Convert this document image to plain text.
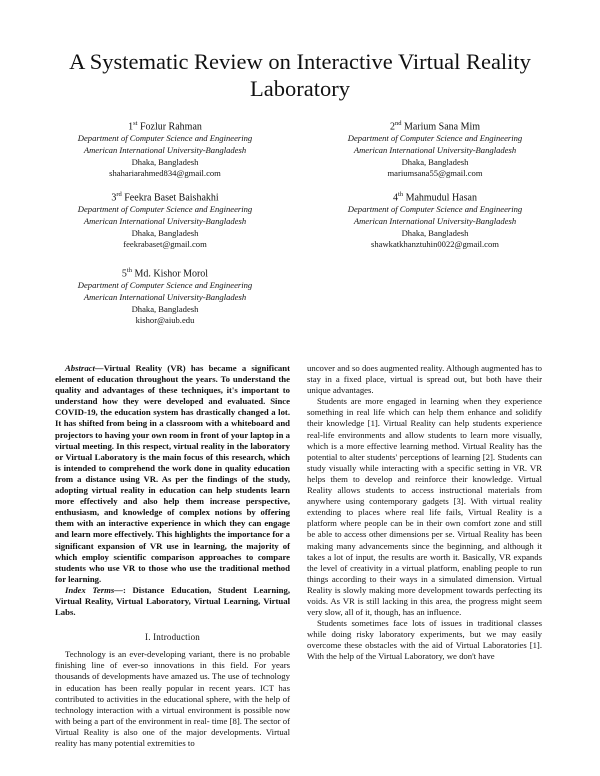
A Systematic Review on Interactive Virtual Reality Laboratory
1st Fozlur Rahman
Department of Computer Science and Engineering
American International University-Bangladesh
Dhaka, Bangladesh
shahariarahmed834@gmail.com
2nd Marium Sana Mim
Department of Computer Science and Engineering
American International University-Bangladesh
Dhaka, Bangladesh
mariumsana55@gmail.com
3rd Feekra Baset Baishakhi
Department of Computer Science and Engineering
American International University-Bangladesh
Dhaka, Bangladesh
feekrabaset@gmail.com
4th Mahmudul Hasan
Department of Computer Science and Engineering
American International University-Bangladesh
Dhaka, Bangladesh
shawkatkhanztuhin0022@gmail.com
5th Md. Kishor Morol
Department of Computer Science and Engineering
American International University-Bangladesh
Dhaka, Bangladesh
kishor@aiub.edu

Abstract—Virtual Reality (VR) has became a significant element of education throughout the years. To understand the quality and advantages of these techniques, it's important to understand how they were developed and evaluated. Since COVID-19, the education system has drastically changed a lot. It has shifted from being in a classroom with a whiteboard and projectors to having your own room in front of your laptop in a virtual meeting. In this respect, virtual reality in the laboratory or Virtual Laboratory is the main focus of this research, which is intended to comprehend the work done in quality education from a distance using VR. As per the findings of the study, adopting virtual reality in education can help students learn more effectively and also help them increase perspective, enthusiasm, and knowledge of complex notions by offering them with an interactive experience in which they can engage and learn more effectively. This highlights the importance for a significant expansion of VR use in learning, the majority of which employ scientific comparison approaches to compare students who use VR to those who use the traditional method for learning.

Index Terms—: Distance Education, Student Learning, Virtual Reality, Virtual Laboratory, Virtual Learning, Virtual Labs.

I. Introduction

Technology is an ever-developing variant, there is no probable finishing line of ever-so innovations in this field. For years thousands of developments have amazed us. The use of technology in education has been really popular in recent years. ICT has contributed to activities in the educational sphere, with the help of technology interaction with a virtual environment is possible now with being a part of the environment in real- time [8]. The sector of Virtual Reality is also one of the major developments. Virtual reality has many potential extremities to

uncover and so does augmented reality. Although augmented has to stay in a fixed place, virtual is spread out, but both have their unique advantages.

Students are more engaged in learning when they experience something in real life which can help them enhance and solidify their knowledge [1]. Virtual Reality can help students experience real-life environments and allow students to learn more visually, which is a more effective learning method. Virtual Reality has the potential to alter students' perceptions of learning [2]. Students can study visually while interacting with a specific setting in VR. VR helps them to develop and reinforce their knowledge. Virtual Reality allows students to access instructional materials from anywhere using contemporary gadgets [3]. With virtual reality extending to places where real life fails, Virtual Reality is a platform where people can be in their own comfort zone and still be able to access other dimensions per se. Virtual Reality has been making many advancements since the beginning, and although it takes a lot of input, the results are worth it. Basically, VR expands the level of creativity in a virtual platform, enabling people to run things according to their ways in a simulated dimension. Virtual Reality is slowly making more development towards perfecting its voids. As VR is still lacking in this area, the progress might seem very slow, all of it, though, has an influence.

Students sometimes face lots of issues in traditional classes while doing risky laboratory experiments, but we may easily overcome these obstacles with the aid of Virtual Laboratories [1]. With the help of the Virtual Laboratory, we don't have
